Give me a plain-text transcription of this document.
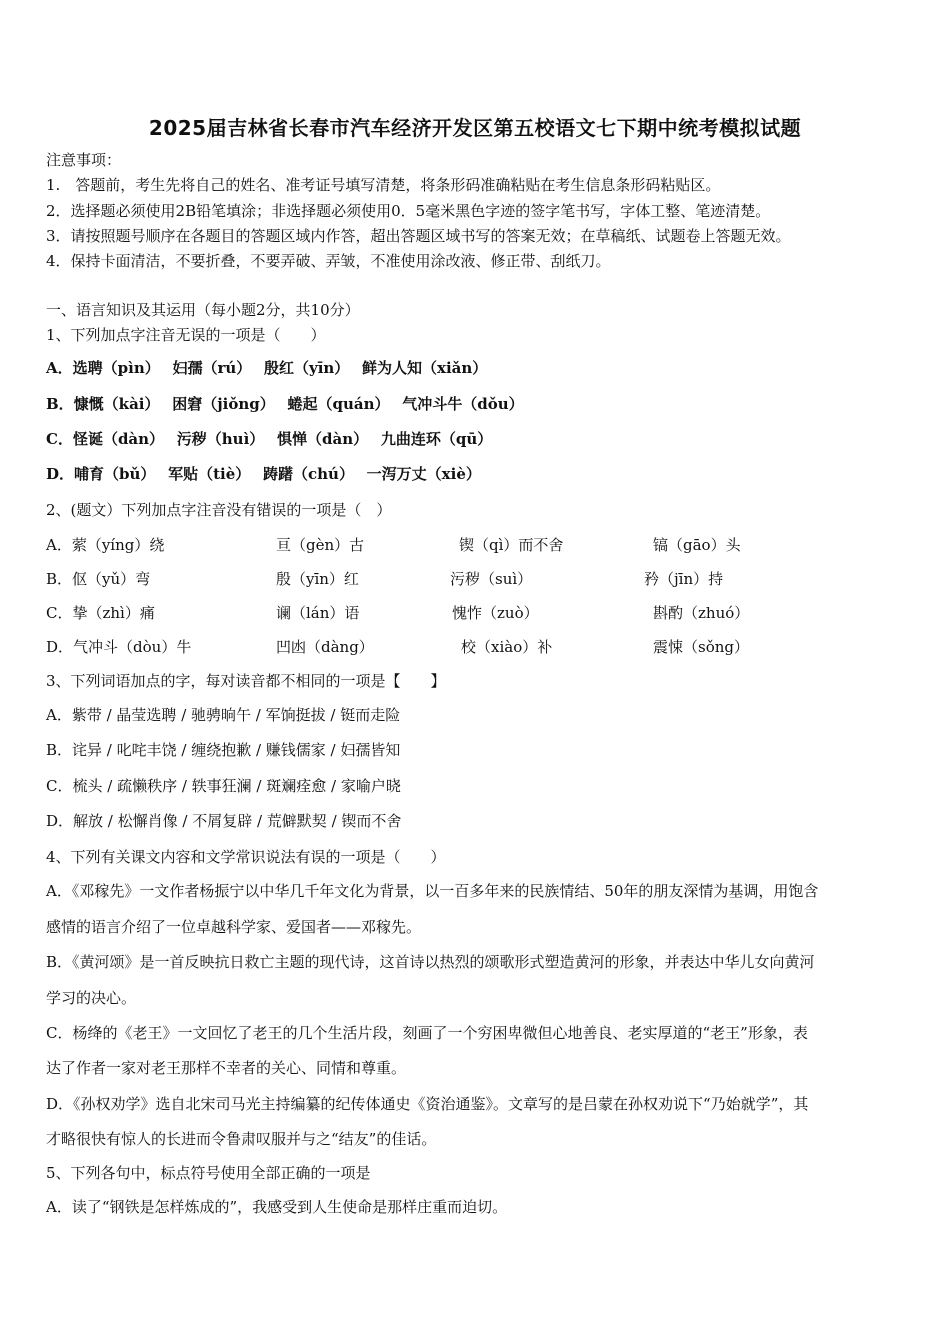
2025届吉林省长春市汽车经济开发区第五校语文七下期中统考模拟试题
注意事项：
1.　答题前，考生先将自己的姓名、准考证号填写清楚，将条形码准确粘贴在考生信息条形码粘贴区。
2．选择题必须使用2B铅笔填涂；非选择题必须使用0．5毫米黑色字迹的签字笔书写，字体工整、笔迹清楚。
3．请按照题号顺序在各题目的答题区域内作答，超出答题区域书写的答案无效；在草稿纸、试题卷上答题无效。
4．保持卡面清洁，不要折叠，不要弄破、弄皱，不准使用涂改液、修正带、刮纸刀。
一、语言知识及其运用（每小题2分，共10分）
1、下列加点字注音无误的一项是（　　）
A．选聘（pìn）　 妇孺（rú）　 殷红（yīn）　 鲜为人知（xiǎn）
B．慷慨（kài）　 困窘（jiǒng）　 蜷起（quán）　 气冲斗牛（dǒu）
C．怪诞（dàn）　 污秽（huì）　 惧惮（dàn）　 九曲连环（qū）
D．哺育（bǔ）　 军贴（tiè）　 踌躇（chú）　 一泻万丈（xiè）
2、(题文）下列加点字注音没有错误的一项是（　）
A．萦（yíng）绕	亘（gèn）古	锲（qì）而不舍	镐（gāo）头
B．伛（yǔ）弯	殷（yīn）红	污秽（suì）	矜（jīn）持
C．挚（zhì）痛	谰（lán）语	愧怍（zuò）	斟酌（zhuó）
D．气冲斗（dòu）牛	凹凼（dàng）	校（xiào）补	震悚（sǒng）
3、下列词语加点的字，每对读音都不相同的一项是【　　】
A．紫带 / 晶莹选聘 / 驰骋晌午 / 军饷挺拔 / 铤而走险
B．诧异 / 叱咤丰饶 / 缠绕抱歉 / 赚钱儒家 / 妇孺皆知
C．梳头 / 疏懒秩序 / 轶事狂澜 / 斑斓痊愈 / 家喻户晓
D．解放 / 松懈肖像 / 不屑复辟 / 荒僻默契 / 锲而不舍
4、下列有关课文内容和文学常识说法有误的一项是（　　）
A．《邓稼先》一文作者杨振宁以中华几千年文化为背景，以一百多年来的民族情结、50年的朋友深情为基调，用饱含
感情的语言介绍了一位卓越科学家、爱国者——邓稼先。
B．《黄河颂》是一首反映抗日救亡主题的现代诗，这首诗以热烈的颂歌形式塑造黄河的形象，并表达中华儿女向黄河
学习的决心。
C．杨绛的《老王》一文回忆了老王的几个生活片段，刻画了一个穷困卑微但心地善良、老实厚道的“老王”形象，表
达了作者一家对老王那样不幸者的关心、同情和尊重。
D．《孙权劝学》选自北宋司马光主持编纂的纪传体通史《资治通鉴》。文章写的是吕蒙在孙权劝说下“乃始就学”，其
才略很快有惊人的长进而令鲁肃叹服并与之“结友”的佳话。
5、下列各句中，标点符号使用全部正确的一项是
A．读了“钢铁是怎样炼成的”，我感受到人生使命是那样庄重而迫切。
